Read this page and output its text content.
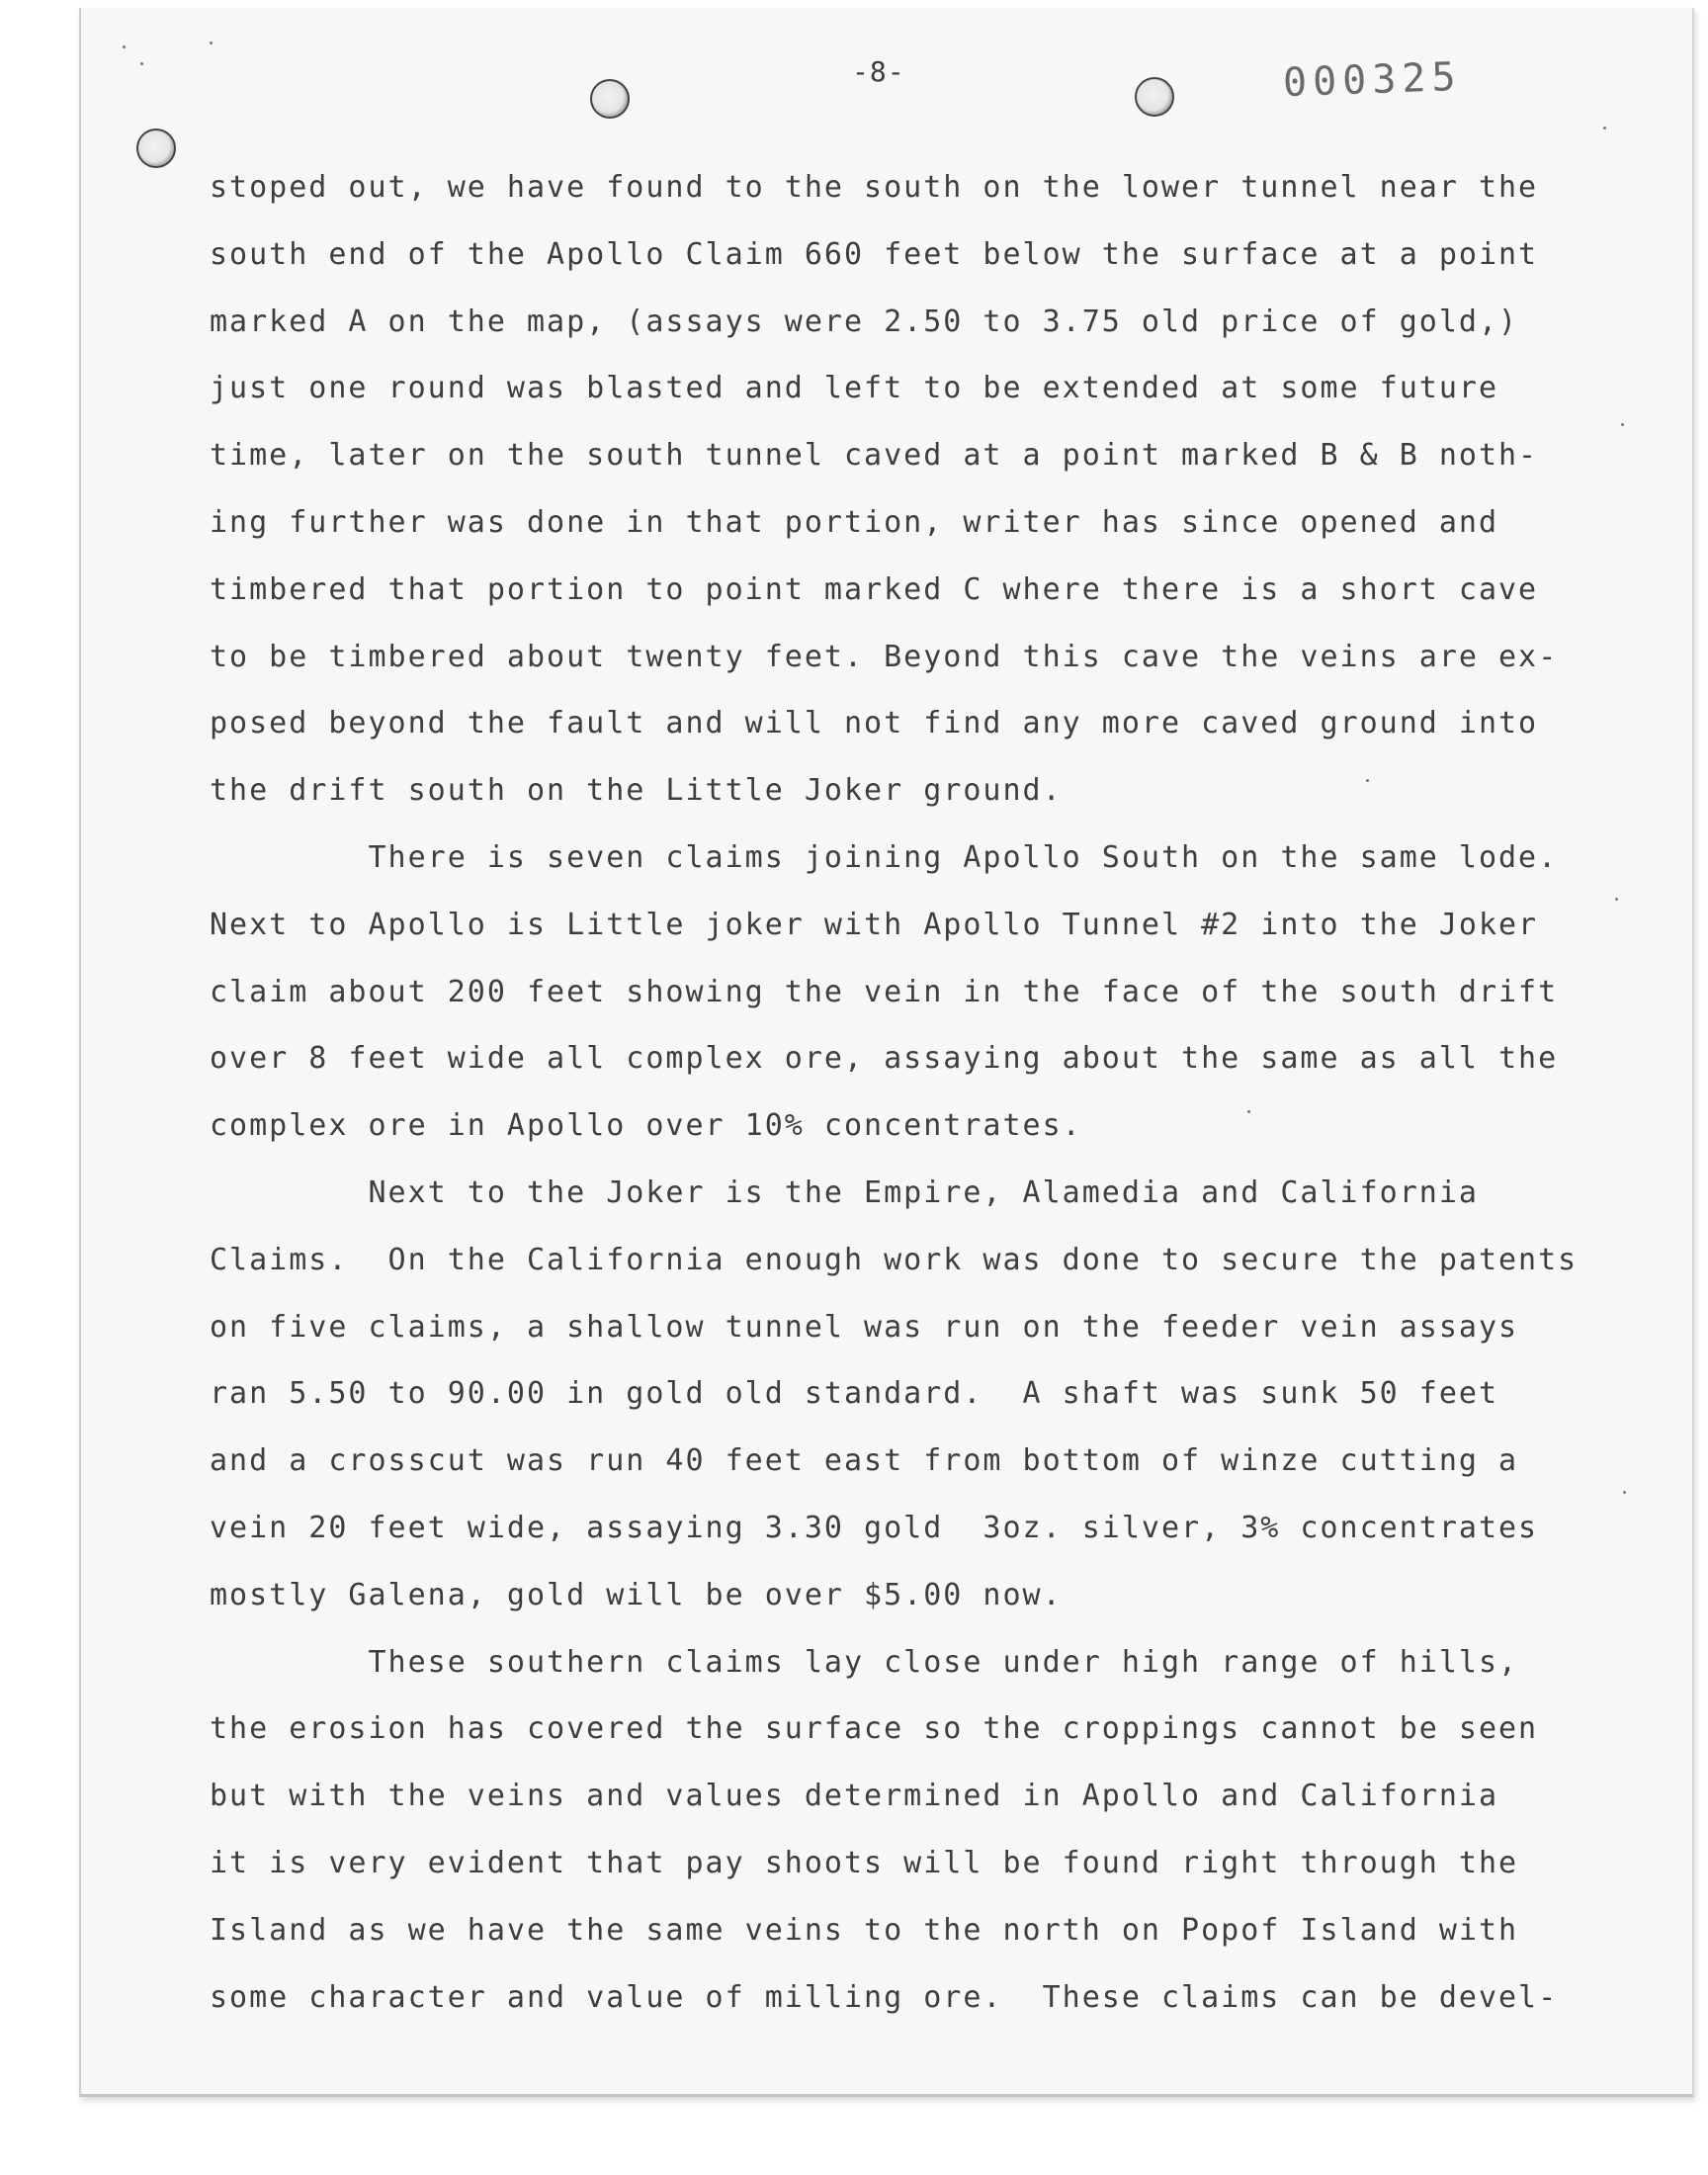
-8-	000325
stoped out, we have found to the south on the lower tunnel near the
south end of the Apollo Claim 660 feet below the surface at a point
marked A on the map, (assays were 2.50 to 3.75 old price of gold,)
just one round was blasted and left to be extended at some future
time, later on the south tunnel caved at a point marked B & B noth-
ing further was done in that portion, writer has since opened and
timbered that portion to point marked C where there is a short cave
to be timbered about twenty feet. Beyond this cave the veins are ex-
posed beyond the fault and will not find any more caved ground into
the drift south on the Little Joker ground.
There is seven claims joining Apollo South on the same lode.
Next to Apollo is Little joker with Apollo Tunnel #2 into the Joker
claim about 200 feet showing the vein in the face of the south drift
over 8 feet wide all complex ore, assaying about the same as all the
complex ore in Apollo over 10% concentrates.
Next to the Joker is the Empire, Alamedia and California
Claims.  On the California enough work was done to secure the patents
on five claims, a shallow tunnel was run on the feeder vein assays
ran 5.50 to 90.00 in gold old standard.  A shaft was sunk 50 feet
and a crosscut was run 40 feet east from bottom of winze cutting a
vein 20 feet wide, assaying 3.30 gold  3oz. silver, 3% concentrates
mostly Galena, gold will be over $5.00 now.
These southern claims lay close under high range of hills,
the erosion has covered the surface so the croppings cannot be seen
but with the veins and values determined in Apollo and California
it is very evident that pay shoots will be found right through the
Island as we have the same veins to the north on Popof Island with
some character and value of milling ore.  These claims can be devel-
